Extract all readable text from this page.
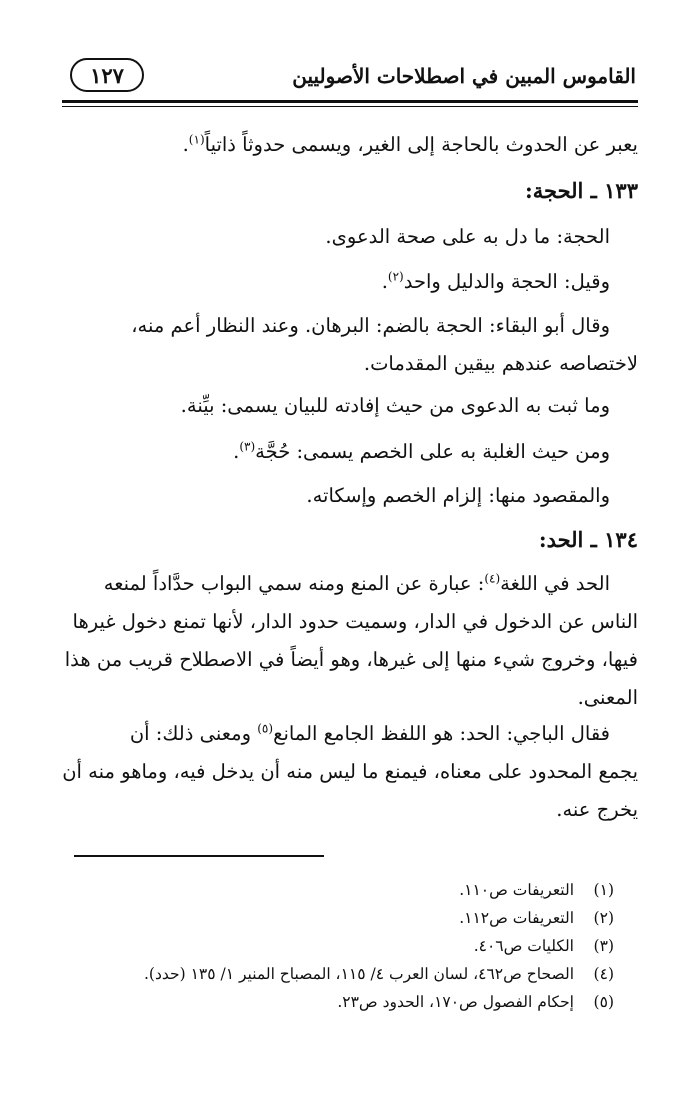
القاموس المبين في اصطلاحات الأصوليين
١٢٧
يعبر عن الحدوث بالحاجة إلى الغير، ويسمى حدوثاً ذاتياً$^{(١)}$.
١٣٣ ـ الحجة:
الحجة: ما دل به على صحة الدعوى.
وقيل: الحجة والدليل واحد$^{(٢)}$.
وقال أبو البقاء: الحجة بالضم: البرهان. وعند النظار أعم منه،
لاختصاصه عندهم بيقين المقدمات.
وما ثبت به الدعوى من حيث إفادته للبيان يسمى: بيِّنة.
ومن حيث الغلبة به على الخصم يسمى: حُجَّة$^{(٣)}$.
والمقصود منها: إلزام الخصم وإسكاته.
١٣٤ ـ الحد:
الحد في اللغة$^{(٤)}$: عبارة عن المنع ومنه سمي البواب حدَّاداً لمنعه
الناس عن الدخول في الدار، وسميت حدود الدار، لأنها تمنع دخول غيرها
فيها، وخروج شيء منها إلى غيرها، وهو أيضاً في الاصطلاح قريب من هذا
المعنى.
فقال الباجي: الحد: هو اللفظ الجامع المانع$^{(٥)}$ ومعنى ذلك: أن
يجمع المحدود على معناه، فيمنع ما ليس منه أن يدخل فيه، وماهو منه أن
يخرج عنه.
(١)
التعريفات ص١١٠.
(٢)
التعريفات ص١١٢.
(٣)
الكليات ص٤٠٦.
(٤)
الصحاح ص٤٦٢، لسان العرب ٤/ ١١٥، المصباح المنير ١/ ١٣٥ (حدد).
(٥)
إحكام الفصول ص١٧٠، الحدود ص٢٣.
